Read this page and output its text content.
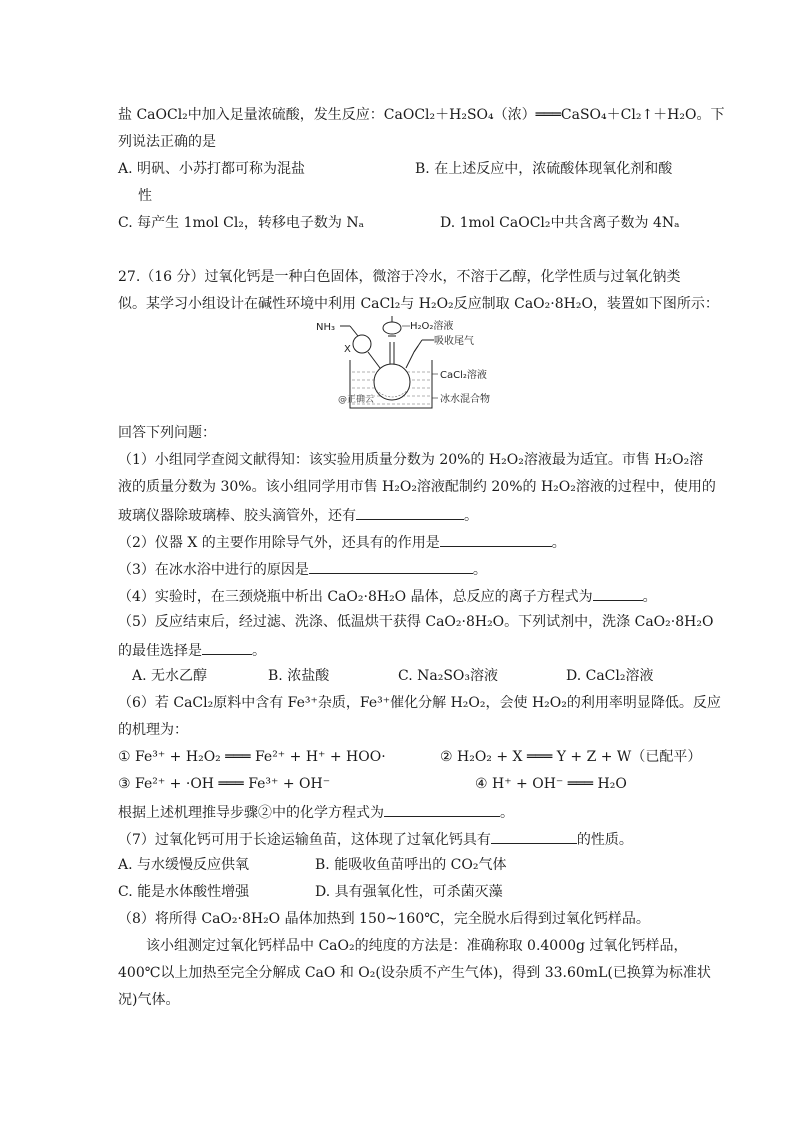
盐 CaOCl₂中加入足量浓硫酸，发生反应：CaOCl₂＋H₂SO₄（浓）═══CaSO₄＋Cl₂↑＋H₂O。下
列说法正确的是
A. 明矾、小苏打都可称为混盐	B. 在上述反应中，浓硫酸体现氧化剂和酸
性
C. 每产生 1mol Cl₂，转移电子数为 Nₐ	D. 1mol CaOCl₂中共含离子数为 4Nₐ
27.（16 分）过氧化钙是一种白色固体，微溶于冷水，不溶于乙醇，化学性质与过氧化钠类
似。某学习小组设计在碱性环境中利用 CaCl₂与 H₂O₂反应制取 CaO₂·8H₂O，装置如下图所示：
NH₃
X
H₂O₂溶液
吸收尾气
CaCl₂溶液
冰水混合物
@正确云
回答下列问题：
（1）小组同学查阅文献得知：该实验用质量分数为 20%的 H₂O₂溶液最为适宜。市售 H₂O₂溶
液的质量分数为 30%。该小组同学用市售 H₂O₂溶液配制约 20%的 H₂O₂溶液的过程中，使用的
玻璃仪器除玻璃棒、胶头滴管外，还有	。
（2）仪器 X 的主要作用除导气外，还具有的作用是	。
（3）在冰水浴中进行的原因是	。
（4）实验时，在三颈烧瓶中析出 CaO₂·8H₂O 晶体，总反应的离子方程式为	。
（5）反应结束后，经过滤、洗涤、低温烘干获得 CaO₂·8H₂O。下列试剂中，洗涤 CaO₂·8H₂O
的最佳选择是	。
A. 无水乙醇	B. 浓盐酸	C. Na₂SO₃溶液	D. CaCl₂溶液
（6）若 CaCl₂原料中含有 Fe³⁺杂质，Fe³⁺催化分解 H₂O₂，会使 H₂O₂的利用率明显降低。反应
的机理为：
① Fe³⁺ + H₂O₂ ═══ Fe²⁺ + H⁺ + HOO·	② H₂O₂ + X ═══ Y + Z + W（已配平）
③ Fe²⁺ + ·OH ═══ Fe³⁺ + OH⁻	④ H⁺ + OH⁻ ═══ H₂O
根据上述机理推导步骤②中的化学方程式为	。
（7）过氧化钙可用于长途运输鱼苗，这体现了过氧化钙具有	的性质。
A. 与水缓慢反应供氧	B. 能吸收鱼苗呼出的 CO₂气体
C. 能是水体酸性增强	D. 具有强氧化性，可杀菌灭藻
（8）将所得 CaO₂·8H₂O 晶体加热到 150~160℃，完全脱水后得到过氧化钙样品。
该小组测定过氧化钙样品中 CaO₂的纯度的方法是：准确称取 0.4000g 过氧化钙样品，
400℃以上加热至完全分解成 CaO 和 O₂(设杂质不产生气体)，得到 33.60mL(已换算为标准状
况)气体。
